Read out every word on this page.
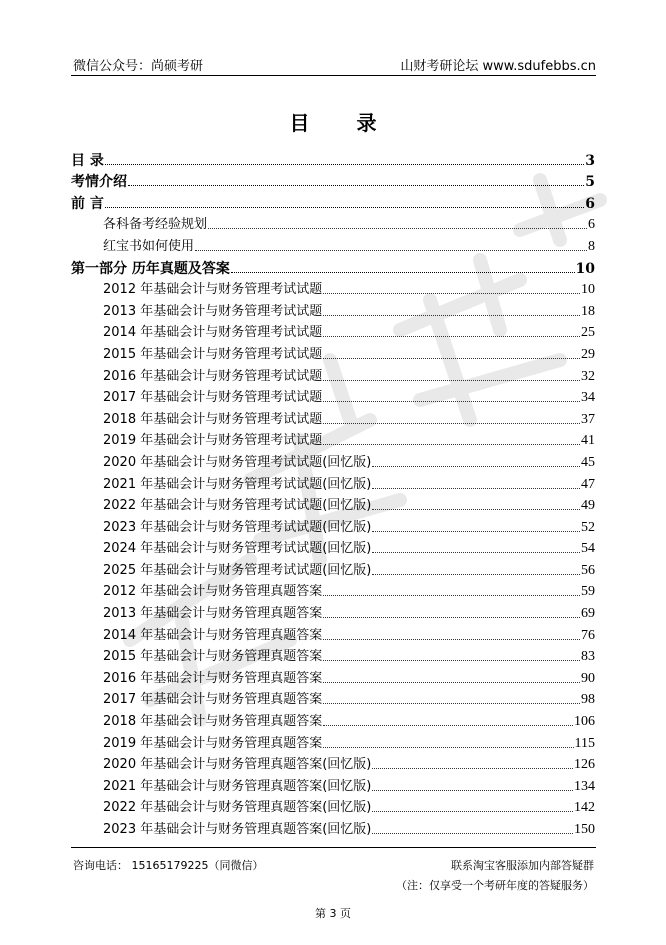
微信公众号：尚硕考研	山财考研论坛 www.sdufebbs.cn
目 录
目 录	3
考情介绍	5
前 言	6
各科备考经验规划	6
红宝书如何使用	8
第一部分 历年真题及答案	10
2012 年基础会计与财务管理考试试题	10
2013 年基础会计与财务管理考试试题	18
2014 年基础会计与财务管理考试试题	25
2015 年基础会计与财务管理考试试题	29
2016 年基础会计与财务管理考试试题	32
2017 年基础会计与财务管理考试试题	34
2018 年基础会计与财务管理考试试题	37
2019 年基础会计与财务管理考试试题	41
2020 年基础会计与财务管理考试试题(回忆版)	45
2021 年基础会计与财务管理考试试题(回忆版)	47
2022 年基础会计与财务管理考试试题(回忆版)	49
2023 年基础会计与财务管理考试试题(回忆版)	52
2024 年基础会计与财务管理考试试题(回忆版)	54
2025 年基础会计与财务管理考试试题(回忆版)	56
2012 年基础会计与财务管理真题答案	59
2013 年基础会计与财务管理真题答案	69
2014 年基础会计与财务管理真题答案	76
2015 年基础会计与财务管理真题答案	83
2016 年基础会计与财务管理真题答案	90
2017 年基础会计与财务管理真题答案	98
2018 年基础会计与财务管理真题答案	106
2019 年基础会计与财务管理真题答案	115
2020 年基础会计与财务管理真题答案(回忆版)	126
2021 年基础会计与财务管理真题答案(回忆版)	134
2022 年基础会计与财务管理真题答案(回忆版)	142
2023 年基础会计与财务管理真题答案(回忆版)	150
咨询电话： 15165179225（同微信）	联系淘宝客服添加内部答疑群
（注：仅享受一个考研年度的答疑服务）
第 3 页
